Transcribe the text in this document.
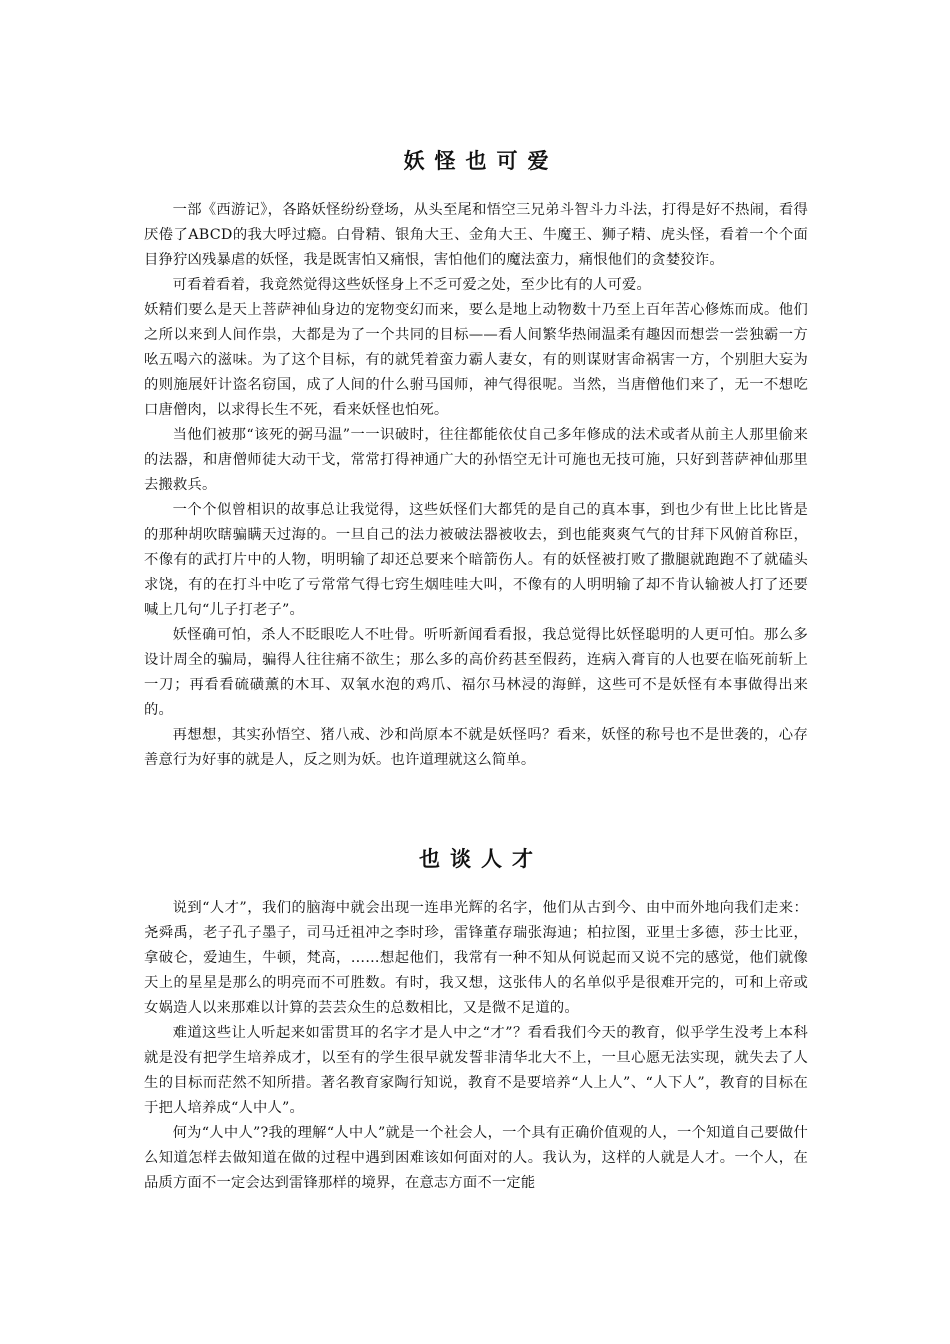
妖怪也可爱

一部《西游记》，各路妖怪纷纷登场，从头至尾和悟空三兄弟斗智斗力斗法，打得是好不热闹，看得厌倦了ABCD的我大呼过瘾。白骨精、银角大王、金角大王、牛魔王、狮子精、虎头怪，看着一个个面目狰狞凶残暴虐的妖怪，我是既害怕又痛恨，害怕他们的魔法蛮力，痛恨他们的贪婪狡诈。

可看着看着，我竟然觉得这些妖怪身上不乏可爱之处，至少比有的人可爱。

妖精们要么是天上菩萨神仙身边的宠物变幻而来，要么是地上动物数十乃至上百年苦心修炼而成。他们之所以来到人间作祟，大都是为了一个共同的目标——看人间繁华热闹温柔有趣因而想尝一尝独霸一方吆五喝六的滋味。为了这个目标，有的就凭着蛮力霸人妻女，有的则谋财害命祸害一方，个别胆大妄为的则施展奸计盗名窃国，成了人间的什么驸马国师，神气得很呢。当然，当唐僧他们来了，无一不想吃口唐僧肉，以求得长生不死，看来妖怪也怕死。

当他们被那“该死的弼马温”一一识破时，往往都能依仗自己多年修成的法术或者从前主人那里偷来的法器，和唐僧师徒大动干戈，常常打得神通广大的孙悟空无计可施也无技可施，只好到菩萨神仙那里去搬救兵。

一个个似曾相识的故事总让我觉得，这些妖怪们大都凭的是自己的真本事，到也少有世上比比皆是的那种胡吹瞎骗瞒天过海的。一旦自己的法力被破法器被收去，到也能爽爽气气的甘拜下风俯首称臣，不像有的武打片中的人物，明明输了却还总要来个暗箭伤人。有的妖怪被打败了撒腿就跑跑不了就磕头求饶，有的在打斗中吃了亏常常气得七窍生烟哇哇大叫，不像有的人明明输了却不肯认输被人打了还要喊上几句“儿子打老子”。

妖怪确可怕，杀人不眨眼吃人不吐骨。听听新闻看看报，我总觉得比妖怪聪明的人更可怕。那么多设计周全的骗局，骗得人往往痛不欲生；那么多的高价药甚至假药，连病入膏肓的人也要在临死前斩上一刀；再看看硫磺薰的木耳、双氧水泡的鸡爪、福尔马林浸的海鲜，这些可不是妖怪有本事做得出来的。

再想想，其实孙悟空、猪八戒、沙和尚原本不就是妖怪吗？看来，妖怪的称号也不是世袭的，心存善意行为好事的就是人，反之则为妖。也许道理就这么简单。

也谈人才

说到“人才”，我们的脑海中就会出现一连串光辉的名字，他们从古到今、由中而外地向我们走来：尧舜禹，老子孔子墨子，司马迁祖冲之李时珍，雷锋董存瑞张海迪；柏拉图，亚里士多德，莎士比亚，拿破仑，爱迪生，牛顿，梵高，……想起他们，我常有一种不知从何说起而又说不完的感觉，他们就像天上的星星是那么的明亮而不可胜数。有时，我又想，这张伟人的名单似乎是很难开完的，可和上帝或女娲造人以来那难以计算的芸芸众生的总数相比，又是微不足道的。

难道这些让人听起来如雷贯耳的名字才是人中之“才”？看看我们今天的教育，似乎学生没考上本科就是没有把学生培养成才，以至有的学生很早就发誓非清华北大不上，一旦心愿无法实现，就失去了人生的目标而茫然不知所措。著名教育家陶行知说，教育不是要培养“人上人”、“人下人”，教育的目标在于把人培养成“人中人”。

何为“人中人”?我的理解“人中人”就是一个社会人，一个具有正确价值观的人，一个知道自己要做什么知道怎样去做知道在做的过程中遇到困难该如何面对的人。我认为，这样的人就是人才。一个人，在品质方面不一定会达到雷锋那样的境界，在意志方面不一定能
